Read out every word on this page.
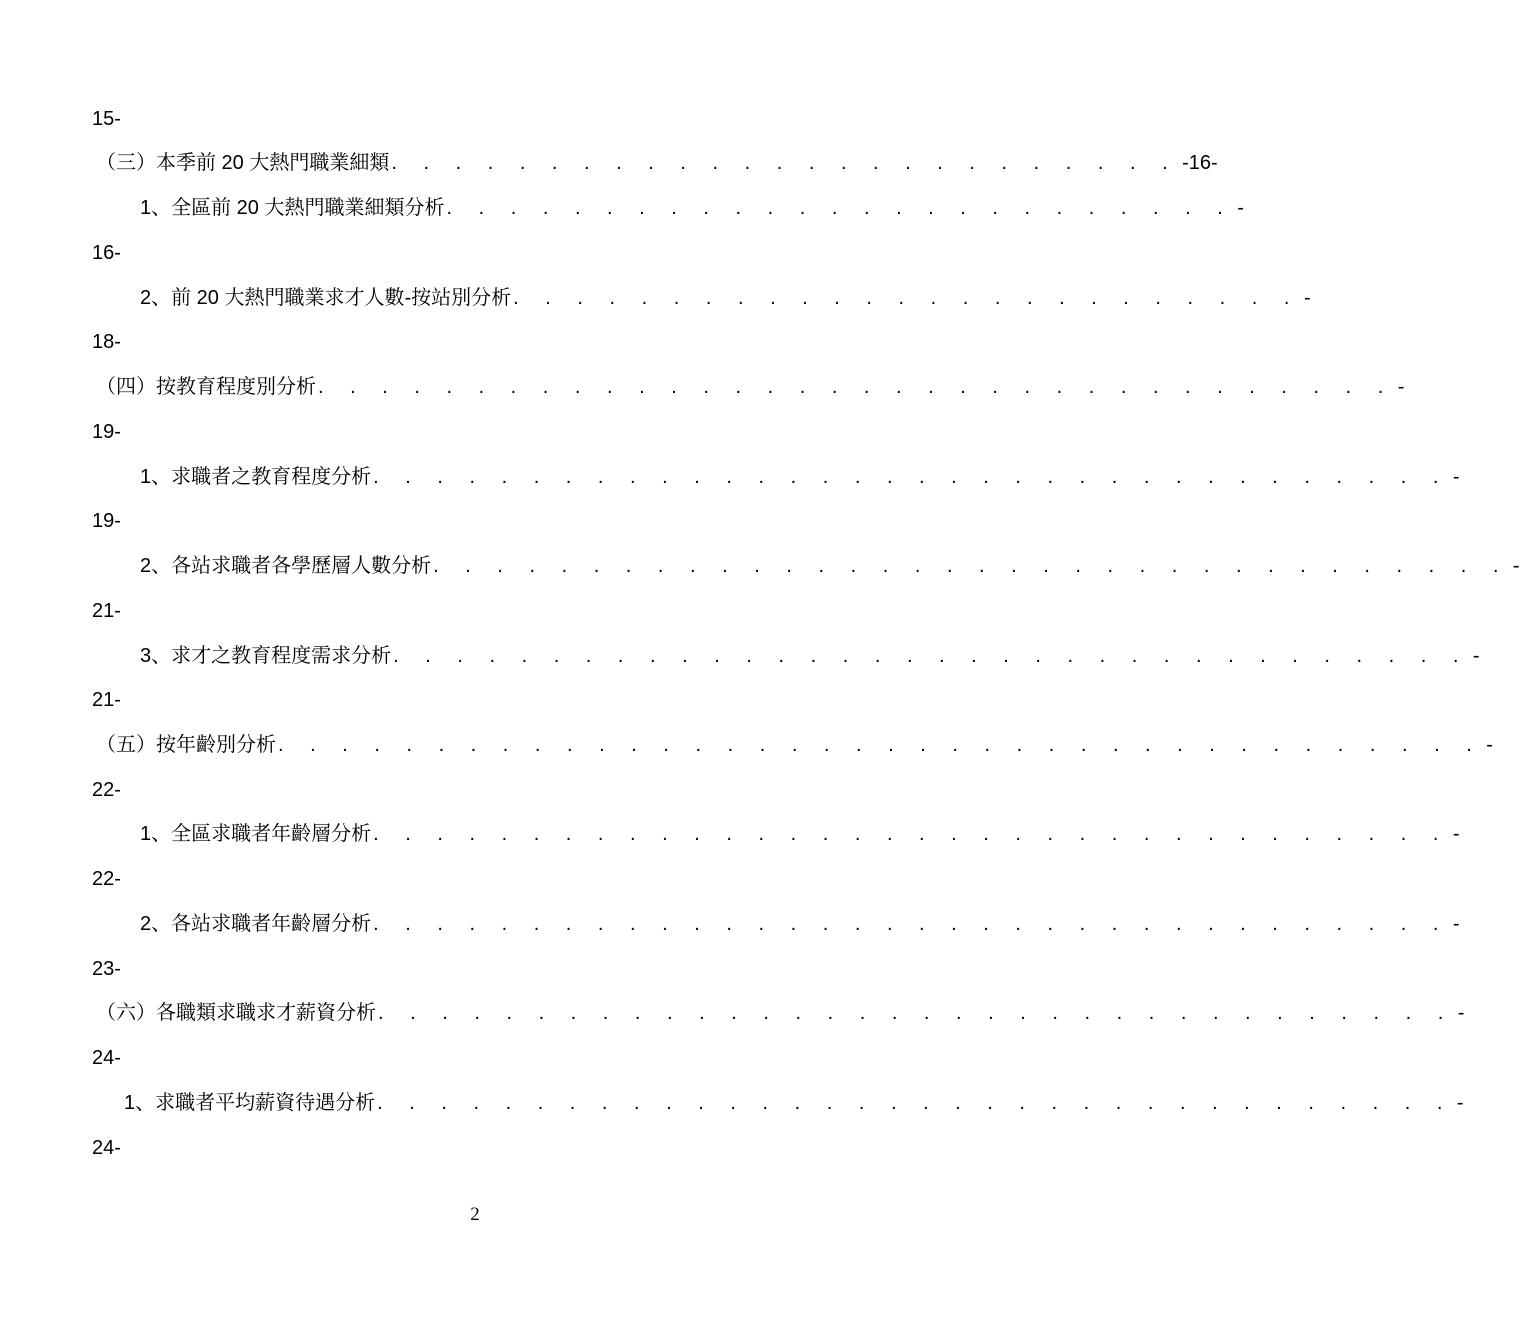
15-
（三）本季前 20 大熱門職業細類 . . . . . . . . . . . . . . . . . . . . . . . . . -16-
1、全區前 20 大熱門職業細類分析 . . . . . . . . . . . . . . . . . . . . . . . . . -
16-
2、前 20 大熱門職業求才人數-按站別分析 . . . . . . . . . . . . . . . . . . . . . . . . . -
18-
（四）按教育程度別分析 . . . . . . . . . . . . . . . . . . . . . . . . . . . . . . . . . . -
19-
1、求職者之教育程度分析 . . . . . . . . . . . . . . . . . . . . . . . . . . . . . . . . . . -
19-
2、各站求職者各學歷層人數分析 . . . . . . . . . . . . . . . . . . . . . . . . . . . . . . . . . . -
21-
3、求才之教育程度需求分析 . . . . . . . . . . . . . . . . . . . . . . . . . . . . . . . . . . -
21-
（五）按年齡別分析 . . . . . . . . . . . . . . . . . . . . . . . . . . . . . . . . . . . . . . -
22-
1、全區求職者年齡層分析 . . . . . . . . . . . . . . . . . . . . . . . . . . . . . . . . . . -
22-
2、各站求職者年齡層分析 . . . . . . . . . . . . . . . . . . . . . . . . . . . . . . . . . . -
23-
（六）各職類求職求才薪資分析 . . . . . . . . . . . . . . . . . . . . . . . . . . . . . . . . . . -
24-
1、求職者平均薪資待遇分析 . . . . . . . . . . . . . . . . . . . . . . . . . . . . . . . . . . -
24-
2
